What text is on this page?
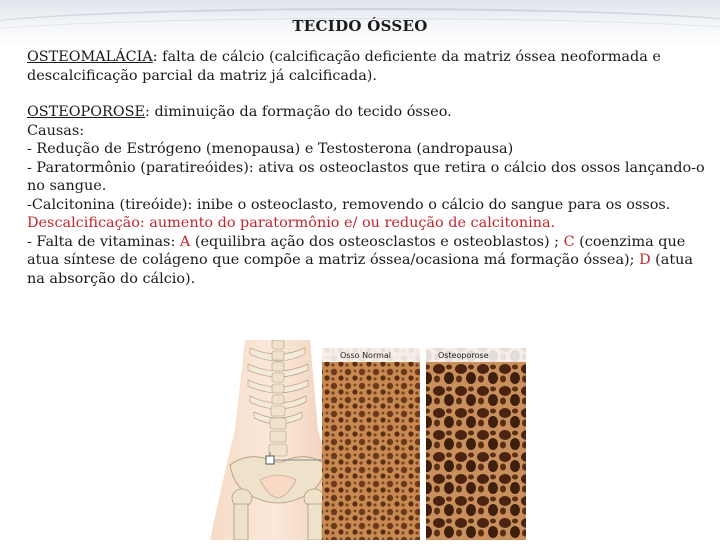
TECIDO ÓSSEO

OSTEOMALÁCIA: falta de cálcio (calcificação deficiente da matriz óssea neoformada e descalcificação parcial da matriz já calcificada).

OSTEOPOROSE: diminuição da formação do tecido ósseo.

Causas:

- Redução de Estrógeno (menopausa) e Testosterona (andropausa)

- Paratormônio (paratireóides): ativa os osteoclastos que retira o cálcio dos ossos lançando-o no sangue.

-Calcitonina (tireóide): inibe o osteoclasto, removendo o cálcio do sangue para os ossos.

Descalcificação: aumento do paratormônio e/ ou redução de calcitonina.

- Falta de vitaminas: A (equilibra ação dos osteosclastos e osteoblastos) ; C (coenzima que atua síntese de colágeno que compõe a matriz óssea/ocasiona má formação óssea); D (atua na absorção do cálcio).

Osso Normal	Osteoporose
